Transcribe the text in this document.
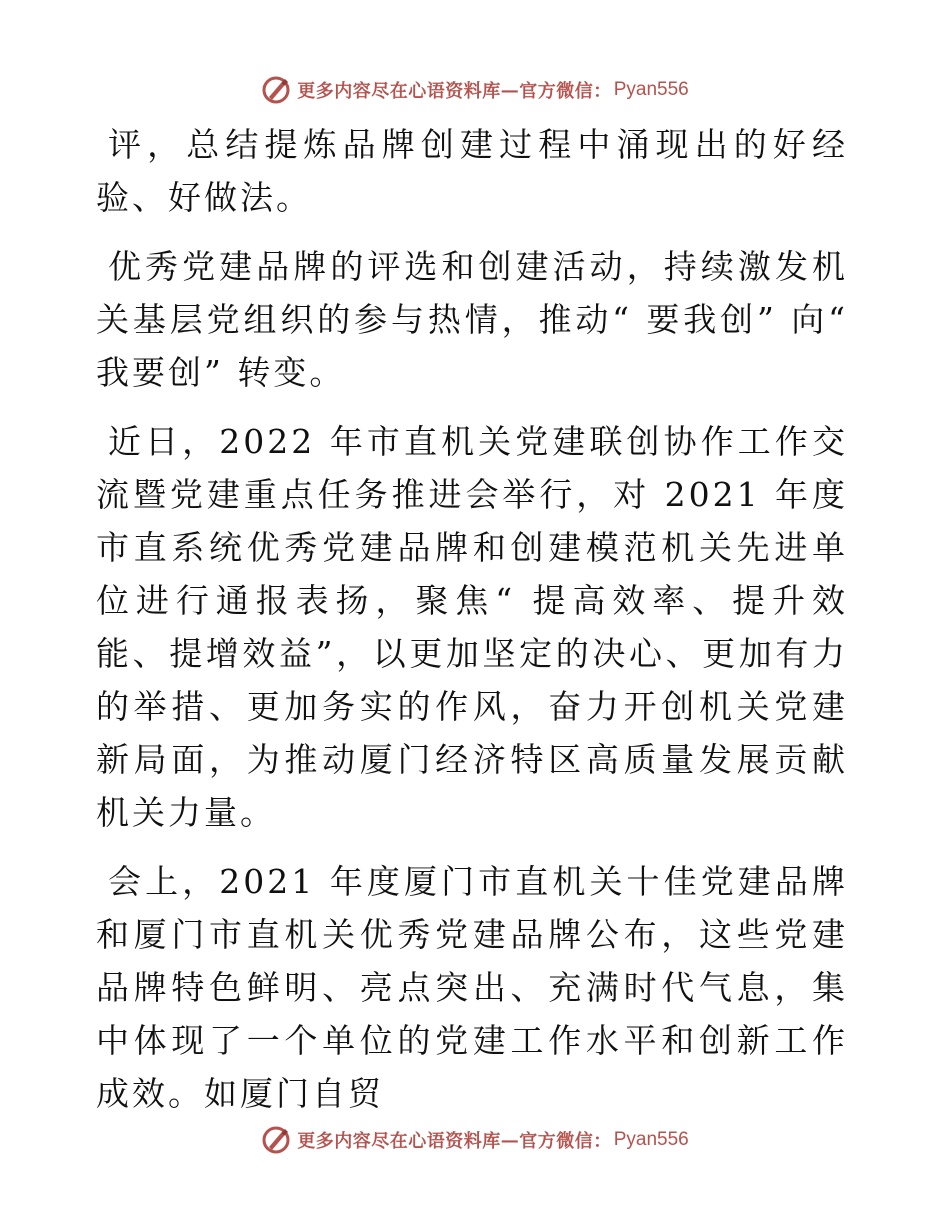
更多内容尽在心语资料库 — 官方微信： Pyan556

评，总结提炼品牌创建过程中涌现出的好经验、好做法。

优秀党建品牌的评选和创建活动，持续激发机关基层党组织的参与热情，推动“ 要我创” 向“ 我要创” 转变。

近日，2022 年市直机关党建联创协作工作交流暨党建重点任务推进会举行，对 2021 年度市直系统优秀党建品牌和创建模范机关先进单位进行通报表扬，聚焦“ 提高效率、提升效能、提增效益”，以更加坚定的决心、更加有力的举措、更加务实的作风，奋力开创机关党建新局面，为推动厦门经济特区高质量发展贡献机关力量。

会上，2021 年度厦门市直机关十佳党建品牌和厦门市直机关优秀党建品牌公布，这些党建品牌特色鲜明、亮点突出、充满时代气息，集中体现了一个单位的党建工作水平和创新工作成效。如厦门自贸

更多内容尽在心语资料库 — 官方微信： Pyan556
